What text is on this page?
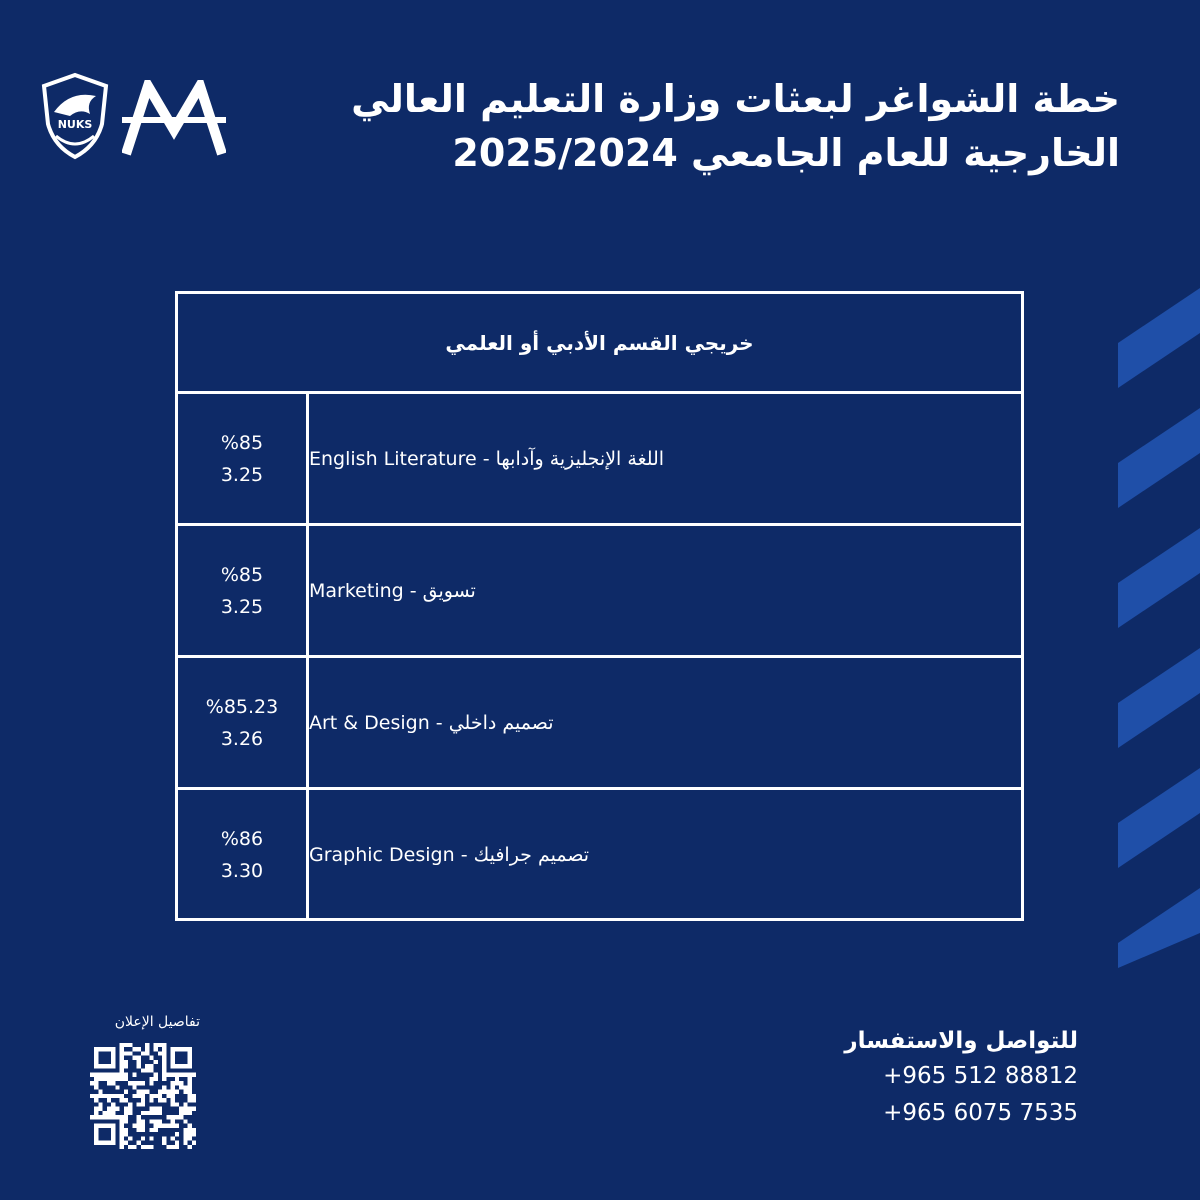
NUKS
خطة الشواغر لبعثات وزارة التعليم العالي
الخارجية للعام الجامعي 2025/2024
خريجي القسم الأدبي أو العلمي
%85
3.25
اللغة الإنجليزية وآدابها - English Literature
%85
3.25
تسويق - Marketing
%85.23
3.26
تصميم داخلي - Art & Design
%86
3.30
تصميم جرافيك - Graphic Design
تفاصيل الإعلان
للتواصل والاستفسار
+965 512 88812
+965 6075 7535
